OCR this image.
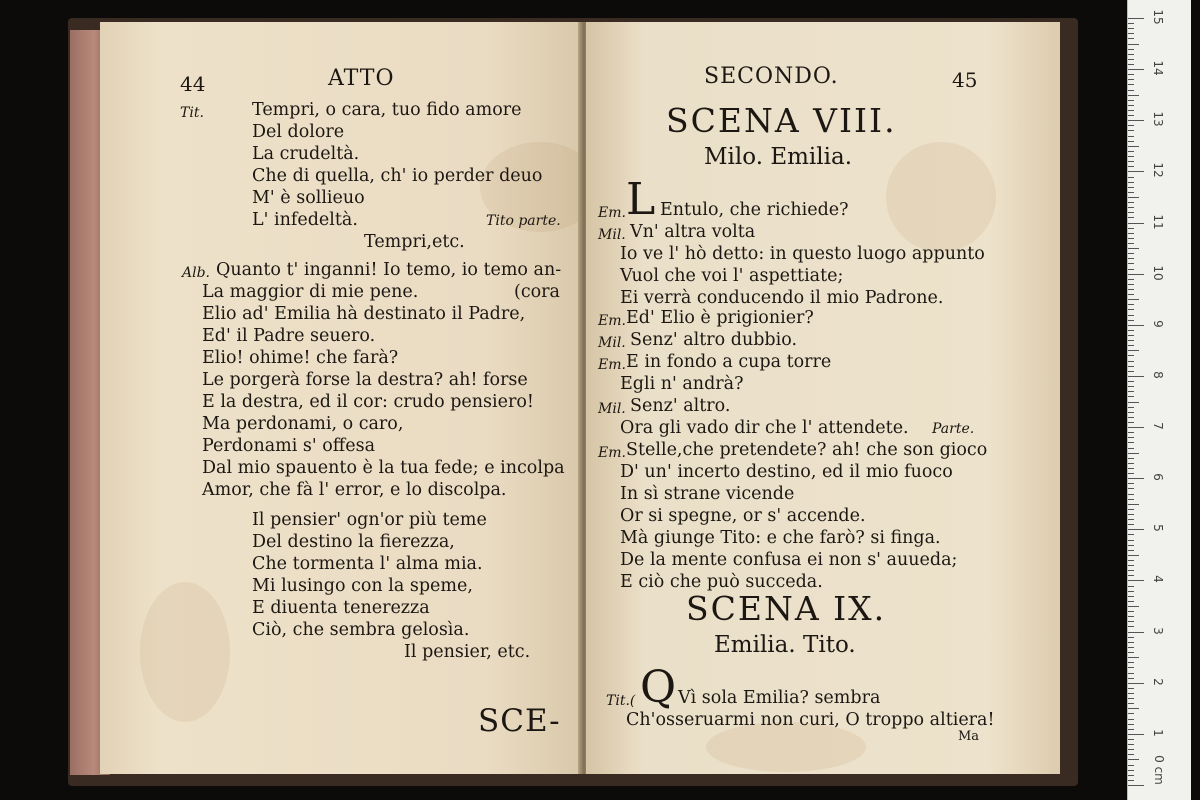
44	ATTO
Tit.	Tempri, o cara, tuo fido amore
Del dolore
La crudeltà.
Che di quella, ch' io perder deuo
M' è sollieuo
L' infedeltà.	Tito parte.
Tempri,etc.
Alb. Quanto t' inganni! Io temo, io temo an-
La maggior di mie pene.	(cora
Elio ad' Emilia hà destinato il Padre,
Ed' il Padre seuero.
Elio! ohime! che farà?
Le porgerà forse la destra? ah! forse
E la destra, ed il cor: crudo pensiero!
Ma perdonami, o caro,
Perdonami s' offesa
Dal mio spauento è la tua fede; e incolpa
Amor, che fà l' error, e lo discolpa.
Il pensier' ogn'or più teme
Del destino la fierezza,
Che tormenta l' alma mia.
Mi lusingo con la speme,
E diuenta tenerezza
Ciò, che sembra gelosìa.
Il pensier, etc.
SCE-
SECONDO.	45
SCENA VIII.
Milo. Emilia.
Em. L Entulo, che richiede?
Mil. Vn' altra volta
Io ve l' hò detto: in questo luogo appunto
Vuol che voi l' aspettiate;
Ei verrà conducendo il mio Padrone.
Em. Ed' Elio è prigionier?
Mil. Senz' altro dubbio.
Em. E in fondo a cupa torre
Egli n' andrà?
Mil. Senz' altro.
Ora gli vado dir che l' attendete. Parte.
Em. Stelle,che pretendete? ah! che son gioco
D' un' incerto destino, ed il mio fuoco
In sì strane vicende
Or si spegne, or s' accende.
Mà giunge Tito: e che farò? si finga.
De la mente confusa ei non s' auueda;
E ciò che può succeda.
SCENA IX.
Emilia. Tito.
Tit.( Q Vì sola Emilia? sembra
Ch'osseruarmi non curi, O troppo altiera!
Ma
0 cm
1
2
3
4
5
6
7
8
9
10
11
12
13
14
15
